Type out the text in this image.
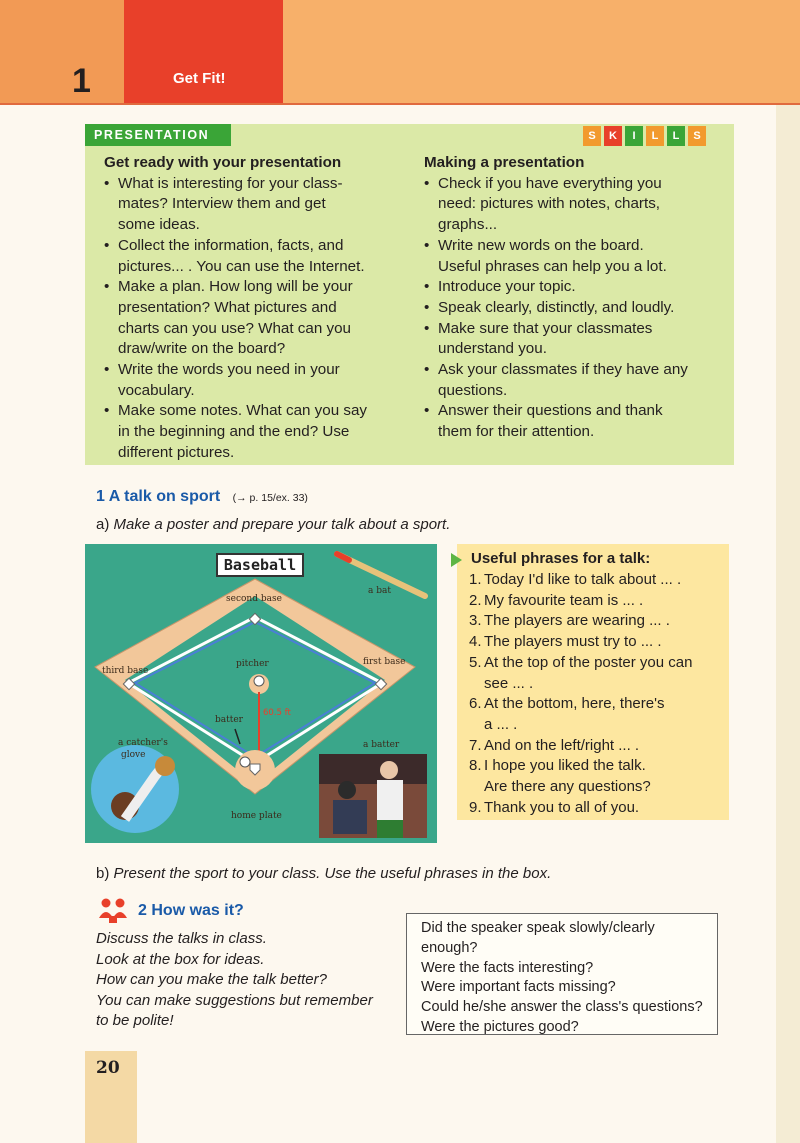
1	Get Fit!
PRESENTATION	S	K	I	L	L	S
Get ready with your presentation
• What is interesting for your class-
mates? Interview them and get
some ideas.
• Collect the information, facts, and
pictures... . You can use the Internet.
• Make a plan. How long will be your
presentation? What pictures and
charts can you use? What can you
draw/write on the board?
• Write the words you need in your
vocabulary.
• Make some notes. What can you say
in the beginning and the end? Use
different pictures.
Making a presentation
• Check if you have everything you
need: pictures with notes, charts,
graphs...
• Write new words on the board.
Useful phrases can help you a lot.
• Introduce your topic.
• Speak clearly, distinctly, and loudly.
• Make sure that your classmates
understand you.
• Ask your classmates if they have any
questions.
• Answer their questions and thank
them for their attention.
1 A talk on sport (→ p. 15/ex. 33)
a) Make a poster and prepare your talk about a sport.
Baseball
second base
a bat
third base
pitcher	first base
60.5 ft
batter
a catcher's
glove
a batter
home plate
Useful phrases for a talk:
1. Today I'd like to talk about ... .
2. My favourite team is ... .
3. The players are wearing ... .
4. The players must try to ... .
5. At the top of the poster you can
see ... .
6. At the bottom, here, there's
a ... .
7. And on the left/right ... .
8. I hope you liked the talk.
Are there any questions?
9. Thank you to all of you.
b) Present the sport to your class. Use the useful phrases in the box.
2 How was it?
Discuss the talks in class.
Look at the box for ideas.
How can you make the talk better?
You can make suggestions but remember
to be polite!
Did the speaker speak slowly/clearly
enough?
Were the facts interesting?
Were important facts missing?
Could he/she answer the class's questions?
Were the pictures good?
20
